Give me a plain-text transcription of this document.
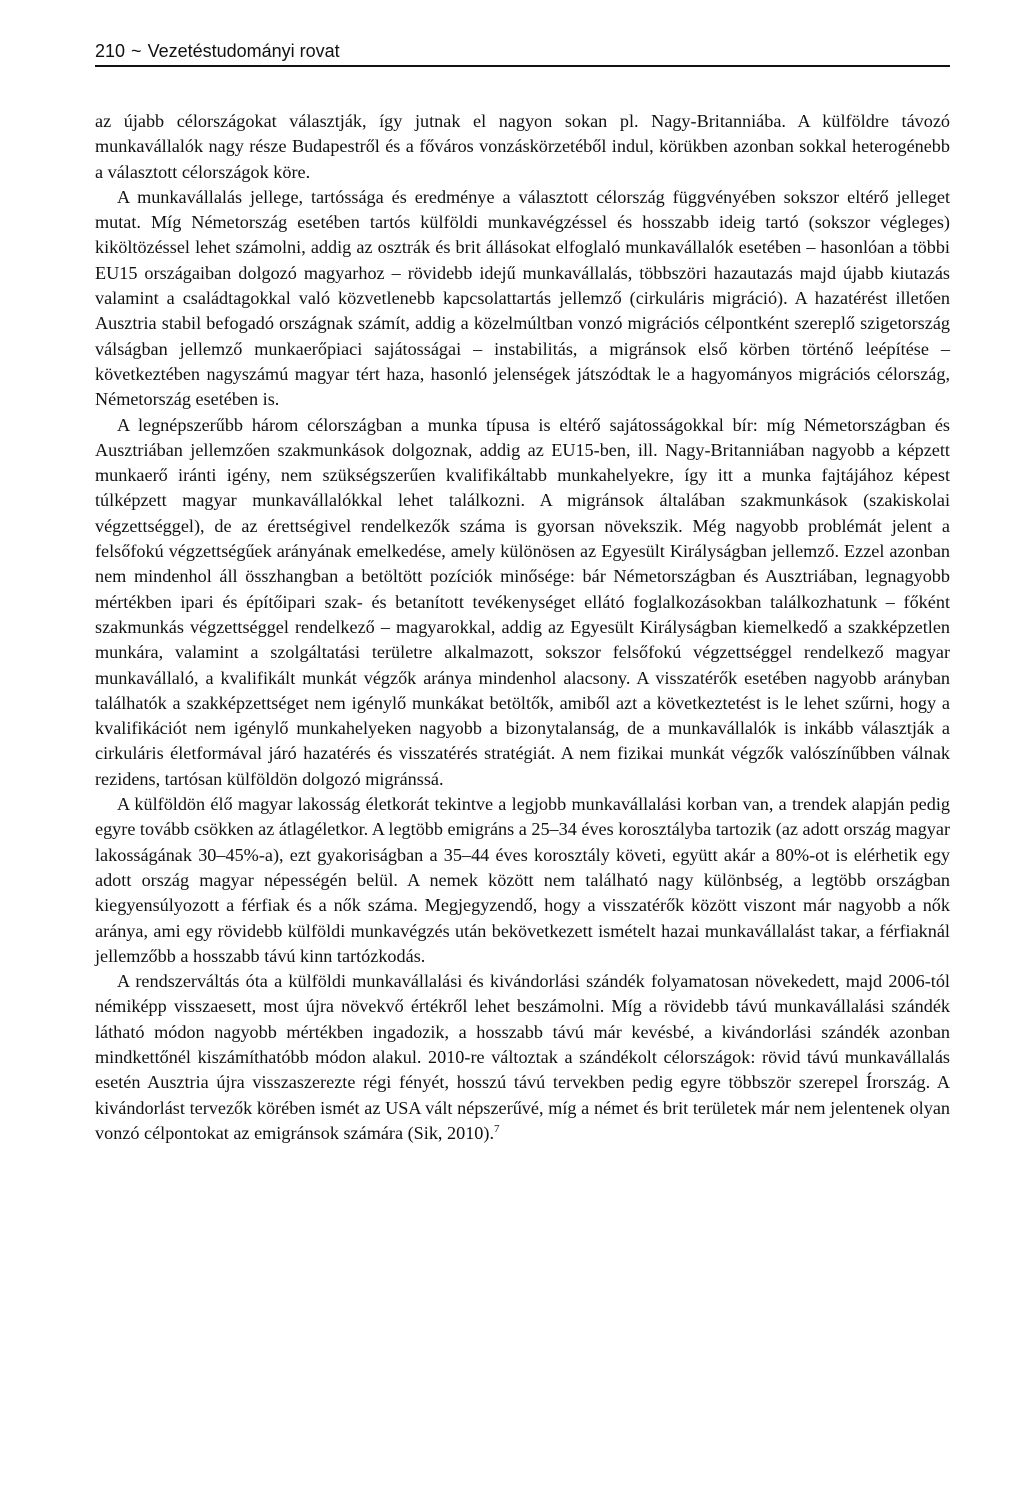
210 ~ Vezetéstudományi rovat

az újabb célországokat választják, így jutnak el nagyon sokan pl. Nagy-Britanniába. A külföldre távozó munkavállalók nagy része Budapestről és a főváros vonzáskörzetéből indul, körükben azonban sokkal heterogénebb a választott célországok köre.

A munkavállalás jellege, tartóssága és eredménye a választott célország függvényében sokszor eltérő jelleget mutat. Míg Németország esetében tartós külföldi munkavégzéssel és hosszabb ideig tartó (sokszor végleges) kiköltözéssel lehet számolni, addig az osztrák és brit állásokat elfoglaló munkavállalók esetében – hasonlóan a többi EU15 országaiban dolgozó magyarhoz – rövidebb idejű munkavállalás, többszöri hazautazás majd újabb kiutazás valamint a családtagokkal való közvetlenebb kapcsolattartás jellemző (cirkuláris migráció). A hazatérést illetően Ausztria stabil befogadó országnak számít, addig a közelmúltban vonzó migrációs célpontként szereplő szigetország válságban jellemző munkaerőpiaci sajátosságai – instabilitás, a migránsok első körben történő leépítése – következtében nagyszámú magyar tért haza, hasonló jelenségek játszódtak le a hagyományos migrációs célország, Németország esetében is.

A legnépszerűbb három célországban a munka típusa is eltérő sajátosságokkal bír: míg Németországban és Ausztriában jellemzően szakmunkások dolgoznak, addig az EU15-ben, ill. Nagy-Britanniában nagyobb a képzett munkaerő iránti igény, nem szükségszerűen kvalifikáltabb munkahelyekre, így itt a munka fajtájához képest túlképzett magyar munkavállalókkal lehet találkozni. A migránsok általában szakmunkások (szakiskolai végzettséggel), de az érettségivel rendelkezők száma is gyorsan növekszik. Még nagyobb problémát jelent a felsőfokú végzettségűek arányának emelkedése, amely különösen az Egyesült Királyságban jellemző. Ezzel azonban nem mindenhol áll összhangban a betöltött pozíciók minősége: bár Németországban és Ausztriában, legnagyobb mértékben ipari és építőipari szak- és betanított tevékenységet ellátó foglalkozásokban találkozhatunk – főként szakmunkás végzettséggel rendelkező – magyarokkal, addig az Egyesült Királyságban kiemelkedő a szakképzetlen munkára, valamint a szolgáltatási területre alkalmazott, sokszor felsőfokú végzettséggel rendelkező magyar munkavállaló, a kvalifikált munkát végzők aránya mindenhol alacsony. A visszatérők esetében nagyobb arányban találhatók a szakképzettséget nem igénylő munkákat betöltők, amiből azt a következtetést is le lehet szűrni, hogy a kvalifikációt nem igénylő munkahelyeken nagyobb a bizonytalanság, de a munkavállalók is inkább választják a cirkuláris életformával járó hazatérés és visszatérés stratégiát. A nem fizikai munkát végzők valószínűbben válnak rezidens, tartósan külföldön dolgozó migránssá.

A külföldön élő magyar lakosság életkorát tekintve a legjobb munkavállalási korban van, a trendek alapján pedig egyre tovább csökken az átlagéletkor. A legtöbb emigráns a 25–34 éves korosztályba tartozik (az adott ország magyar lakosságának 30–45%-a), ezt gyakoriságban a 35–44 éves korosztály követi, együtt akár a 80%-ot is elérhetik egy adott ország magyar népességén belül. A nemek között nem található nagy különbség, a legtöbb országban kiegyensúlyozott a férfiak és a nők száma. Megjegyzendő, hogy a visszatérők között viszont már nagyobb a nők aránya, ami egy rövidebb külföldi munkavégzés után bekövetkezett ismételt hazai munkavállalást takar, a férfiaknál jellemzőbb a hosszabb távú kinn tartózkodás.

A rendszerváltás óta a külföldi munkavállalási és kivándorlási szándék folyamatosan növekedett, majd 2006-tól némiképp visszaesett, most újra növekvő értékről lehet beszámolni. Míg a rövidebb távú munkavállalási szándék látható módon nagyobb mértékben ingadozik, a hosszabb távú már kevésbé, a kivándorlási szándék azonban mindkettőnél kiszámíthatóbb módon alakul. 2010-re változtak a szándékolt célországok: rövid távú munkavállalás esetén Ausztria újra visszaszerezte régi fényét, hosszú távú tervekben pedig egyre többször szerepel Írország. A kivándorlást tervezők körében ismét az USA vált népszerűvé, míg a német és brit területek már nem jelentenek olyan vonzó célpontokat az emigránsok számára (Sik, 2010).$^7$
